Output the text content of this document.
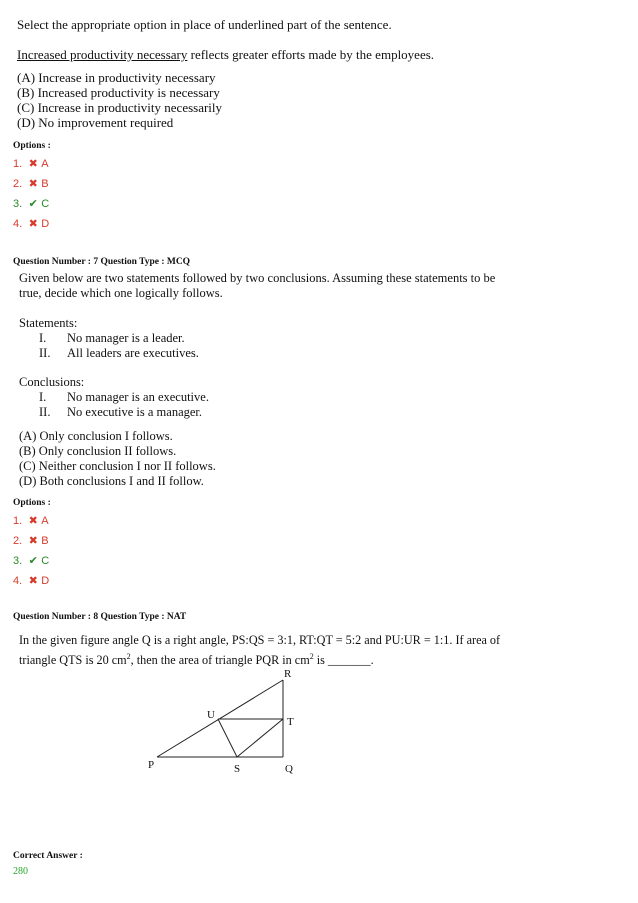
Select the appropriate option in place of underlined part of the sentence.
Increased productivity necessary reflects greater efforts made by the employees.
(A) Increase in productivity necessary
(B) Increased productivity is necessary
(C) Increase in productivity necessarily
(D) No improvement required
Options :
1. ✖ A
2. ✖ B
3. ✔ C
4. ✖ D
Question Number : 7 Question Type : MCQ
Given below are two statements followed by two conclusions. Assuming these statements to be
true, decide which one logically follows.
Statements:
I. No manager is a leader.
II. All leaders are executives.
Conclusions:
I. No manager is an executive.
II. No executive is a manager.
(A) Only conclusion I follows.
(B) Only conclusion II follows.
(C) Neither conclusion I nor II follows.
(D) Both conclusions I and II follow.
Options :
1. ✖ A
2. ✖ B
3. ✔ C
4. ✖ D
Question Number : 8 Question Type : NAT
In the given figure angle Q is a right angle, PS:QS = 3:1, RT:QT = 5:2 and PU:UR = 1:1. If area of
triangle QTS is 20 $cm^2$, then the area of triangle PQR in $cm^2$ is _______.
R
U
T
P	S	Q
Correct Answer :
280
